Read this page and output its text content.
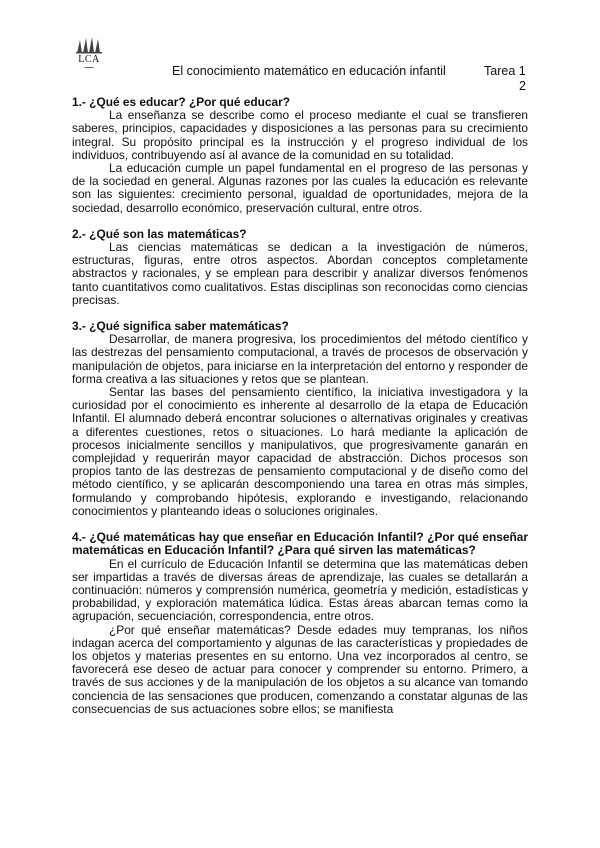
LCA
▬▬▬	El conocimiento matemático en educación infantil	Tarea 1
2
1.- ¿Qué es educar? ¿Por qué educar?

La enseñanza se describe como el proceso mediante el cual se transfieren saberes, principios, capacidades y disposiciones a las personas para su crecimiento integral. Su propósito principal es la instrucción y el progreso individual de los individuos, contribuyendo así al avance de la comunidad en su totalidad.

La educación cumple un papel fundamental en el progreso de las personas y de la sociedad en general. Algunas razones por las cuales la educación es relevante son las siguientes: crecimiento personal, igualdad de oportunidades, mejora de la sociedad, desarrollo económico, preservación cultural, entre otros.

2.- ¿Qué son las matemáticas?

Las ciencias matemáticas se dedican a la investigación de números, estructuras, figuras, entre otros aspectos. Abordan conceptos completamente abstractos y racionales, y se emplean para describir y analizar diversos fenómenos tanto cuantitativos como cualitativos. Estas disciplinas son reconocidas como ciencias precisas.

3.- ¿Qué significa saber matemáticas?

Desarrollar, de manera progresiva, los procedimientos del método científico y las destrezas del pensamiento computacional, a través de procesos de observación y manipulación de objetos, para iniciarse en la interpretación del entorno y responder de forma creativa a las situaciones y retos que se plantean.

Sentar las bases del pensamiento científico, la iniciativa investigadora y la curiosidad por el conocimiento es inherente al desarrollo de la etapa de Educación Infantil. El alumnado deberá encontrar soluciones o alternativas originales y creativas a diferentes cuestiones, retos o situaciones. Lo hará mediante la aplicación de procesos inicialmente sencillos y manipulativos, que progresivamente ganarán en complejidad y requerirán mayor capacidad de abstracción. Dichos procesos son propios tanto de las destrezas de pensamiento computacional y de diseño como del método científico, y se aplicarán descomponiendo una tarea en otras más simples, formulando y comprobando hipótesis, explorando e investigando, relacionando conocimientos y planteando ideas o soluciones originales.

4.- ¿Qué matemáticas hay que enseñar en Educación Infantil? ¿Por qué enseñar matemáticas en Educación Infantil? ¿Para qué sirven las matemáticas?

En el currículo de Educación Infantil se determina que las matemáticas deben ser impartidas a través de diversas áreas de aprendizaje, las cuales se detallarán a continuación: números y comprensión numérica, geometría y medición, estadísticas y probabilidad, y exploración matemática lúdica. Estas áreas abarcan temas como la agrupación, secuenciación, correspondencia, entre otros.

¿Por qué enseñar matemáticas? Desde edades muy tempranas, los niños indagan acerca del comportamiento y algunas de las características y propiedades de los objetos y materias presentes en su entorno. Una vez incorporados al centro, se favorecerá ese deseo de actuar para conocer y comprender su entorno. Primero, a través de sus acciones y de la manipulación de los objetos a su alcance van tomando conciencia de las sensaciones que producen, comenzando a constatar algunas de las consecuencias de sus actuaciones sobre ellos; se manifiesta
